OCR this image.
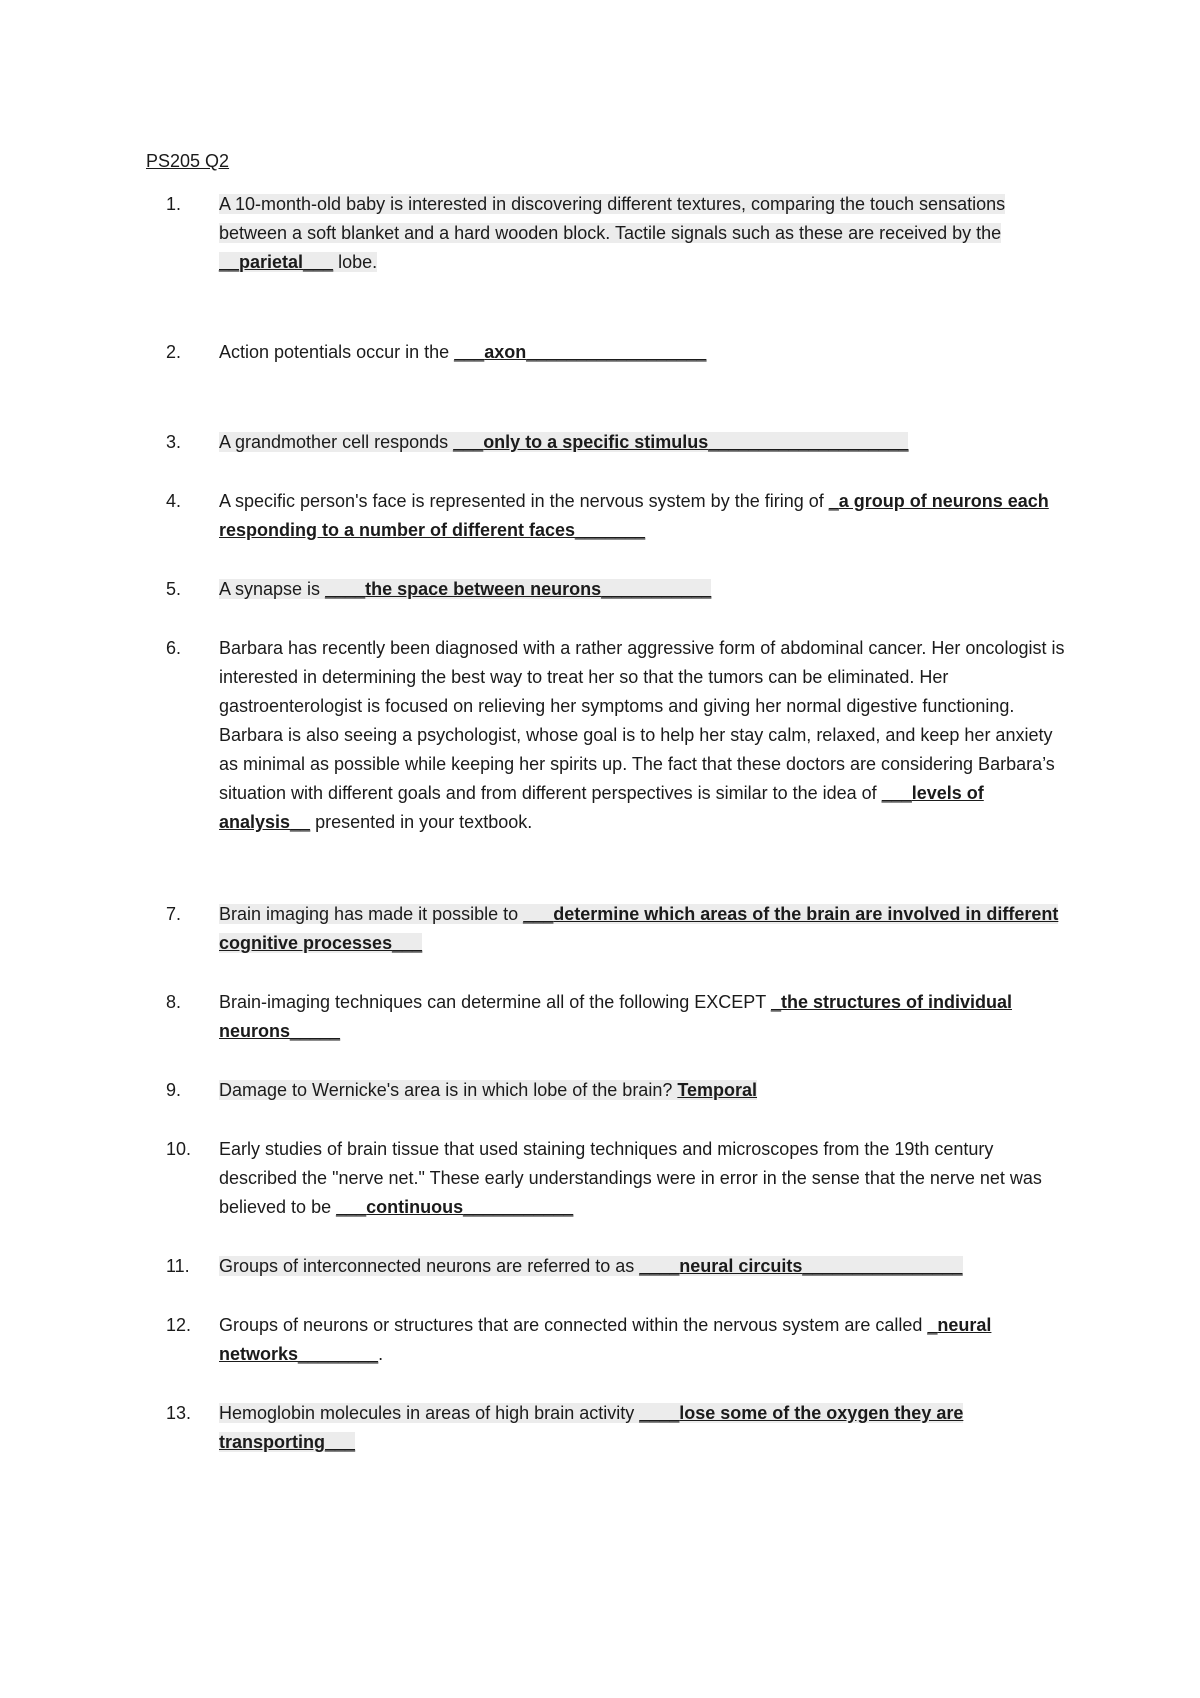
PS205 Q2
1.	A 10-month-old baby is interested in discovering different textures, comparing the touch sensations between a soft blanket and a hard wooden block. Tactile signals such as these are received by the __parietal___ lobe.
2.	Action potentials occur in the ___axon__________________
3.	A grandmother cell responds ___only to a specific stimulus____________________
4.	A specific person's face is represented in the nervous system by the firing of _a group of neurons each responding to a number of different faces_______
5.	A synapse is ____the space between neurons___________
6.	Barbara has recently been diagnosed with a rather aggressive form of abdominal cancer. Her oncologist is interested in determining the best way to treat her so that the tumors can be eliminated. Her gastroenterologist is focused on relieving her symptoms and giving her normal digestive functioning. Barbara is also seeing a psychologist, whose goal is to help her stay calm, relaxed, and keep her anxiety as minimal as possible while keeping her spirits up. The fact that these doctors are considering Barbara’s situation with different goals and from different perspectives is similar to the idea of ___levels of analysis__ presented in your textbook.
7.	Brain imaging has made it possible to ___determine which areas of the brain are involved in different cognitive processes___
8.	Brain-imaging techniques can determine all of the following EXCEPT _the structures of individual neurons_____
9.	Damage to Wernicke's area is in which lobe of the brain? Temporal
10.	Early studies of brain tissue that used staining techniques and microscopes from the 19th century described the "nerve net." These early understandings were in error in the sense that the nerve net was believed to be ___continuous___________
11.	Groups of interconnected neurons are referred to as ____neural circuits________________
12.	Groups of neurons or structures that are connected within the nervous system are called _neural networks________.
13.	Hemoglobin molecules in areas of high brain activity ____lose some of the oxygen they are transporting___
